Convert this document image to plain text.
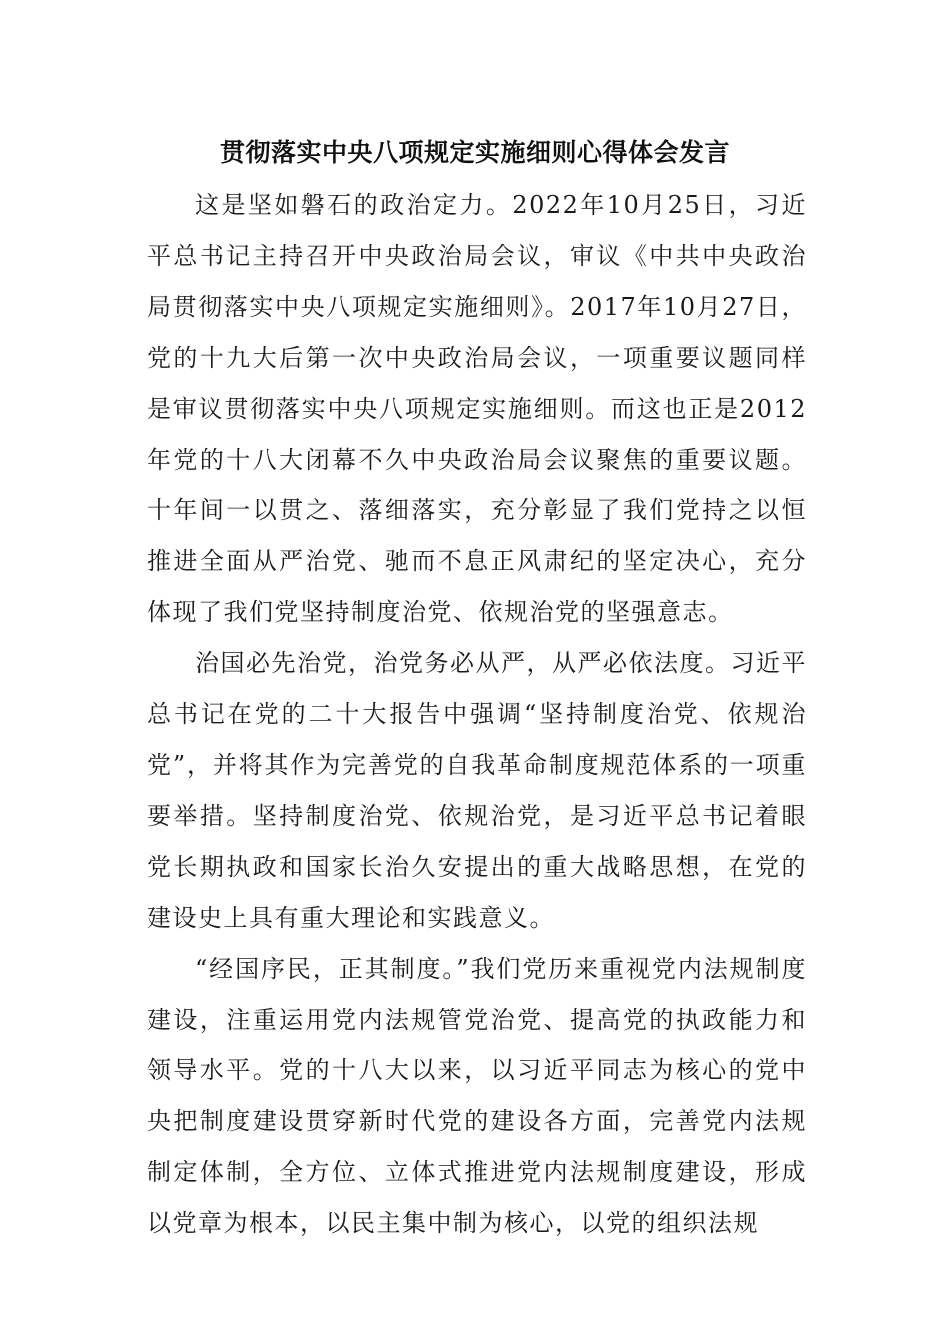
贯彻落实中央八项规定实施细则心得体会发言

这是坚如磐石的政治定力。2022年10月25日，习近平总书记主持召开中央政治局会议，审议《中共中央政治局贯彻落实中央八项规定实施细则》。2017年10月27日，党的十九大后第一次中央政治局会议，一项重要议题同样是审议贯彻落实中央八项规定实施细则。而这也正是2012年党的十八大闭幕不久中央政治局会议聚焦的重要议题。十年间一以贯之、落细落实，充分彰显了我们党持之以恒推进全面从严治党、驰而不息正风肃纪的坚定决心，充分体现了我们党坚持制度治党、依规治党的坚强意志。

治国必先治党，治党务必从严，从严必依法度。习近平总书记在党的二十大报告中强调“坚持制度治党、依规治党”，并将其作为完善党的自我革命制度规范体系的一项重要举措。坚持制度治党、依规治党，是习近平总书记着眼党长期执政和国家长治久安提出的重大战略思想，在党的建设史上具有重大理论和实践意义。

“经国序民，正其制度。”我们党历来重视党内法规制度建设，注重运用党内法规管党治党、提高党的执政能力和领导水平。党的十八大以来，以习近平同志为核心的党中央把制度建设贯穿新时代党的建设各方面，完善党内法规制定体制，全方位、立体式推进党内法规制度建设，形成以党章为根本，以民主集中制为核心，以党的组织法规
